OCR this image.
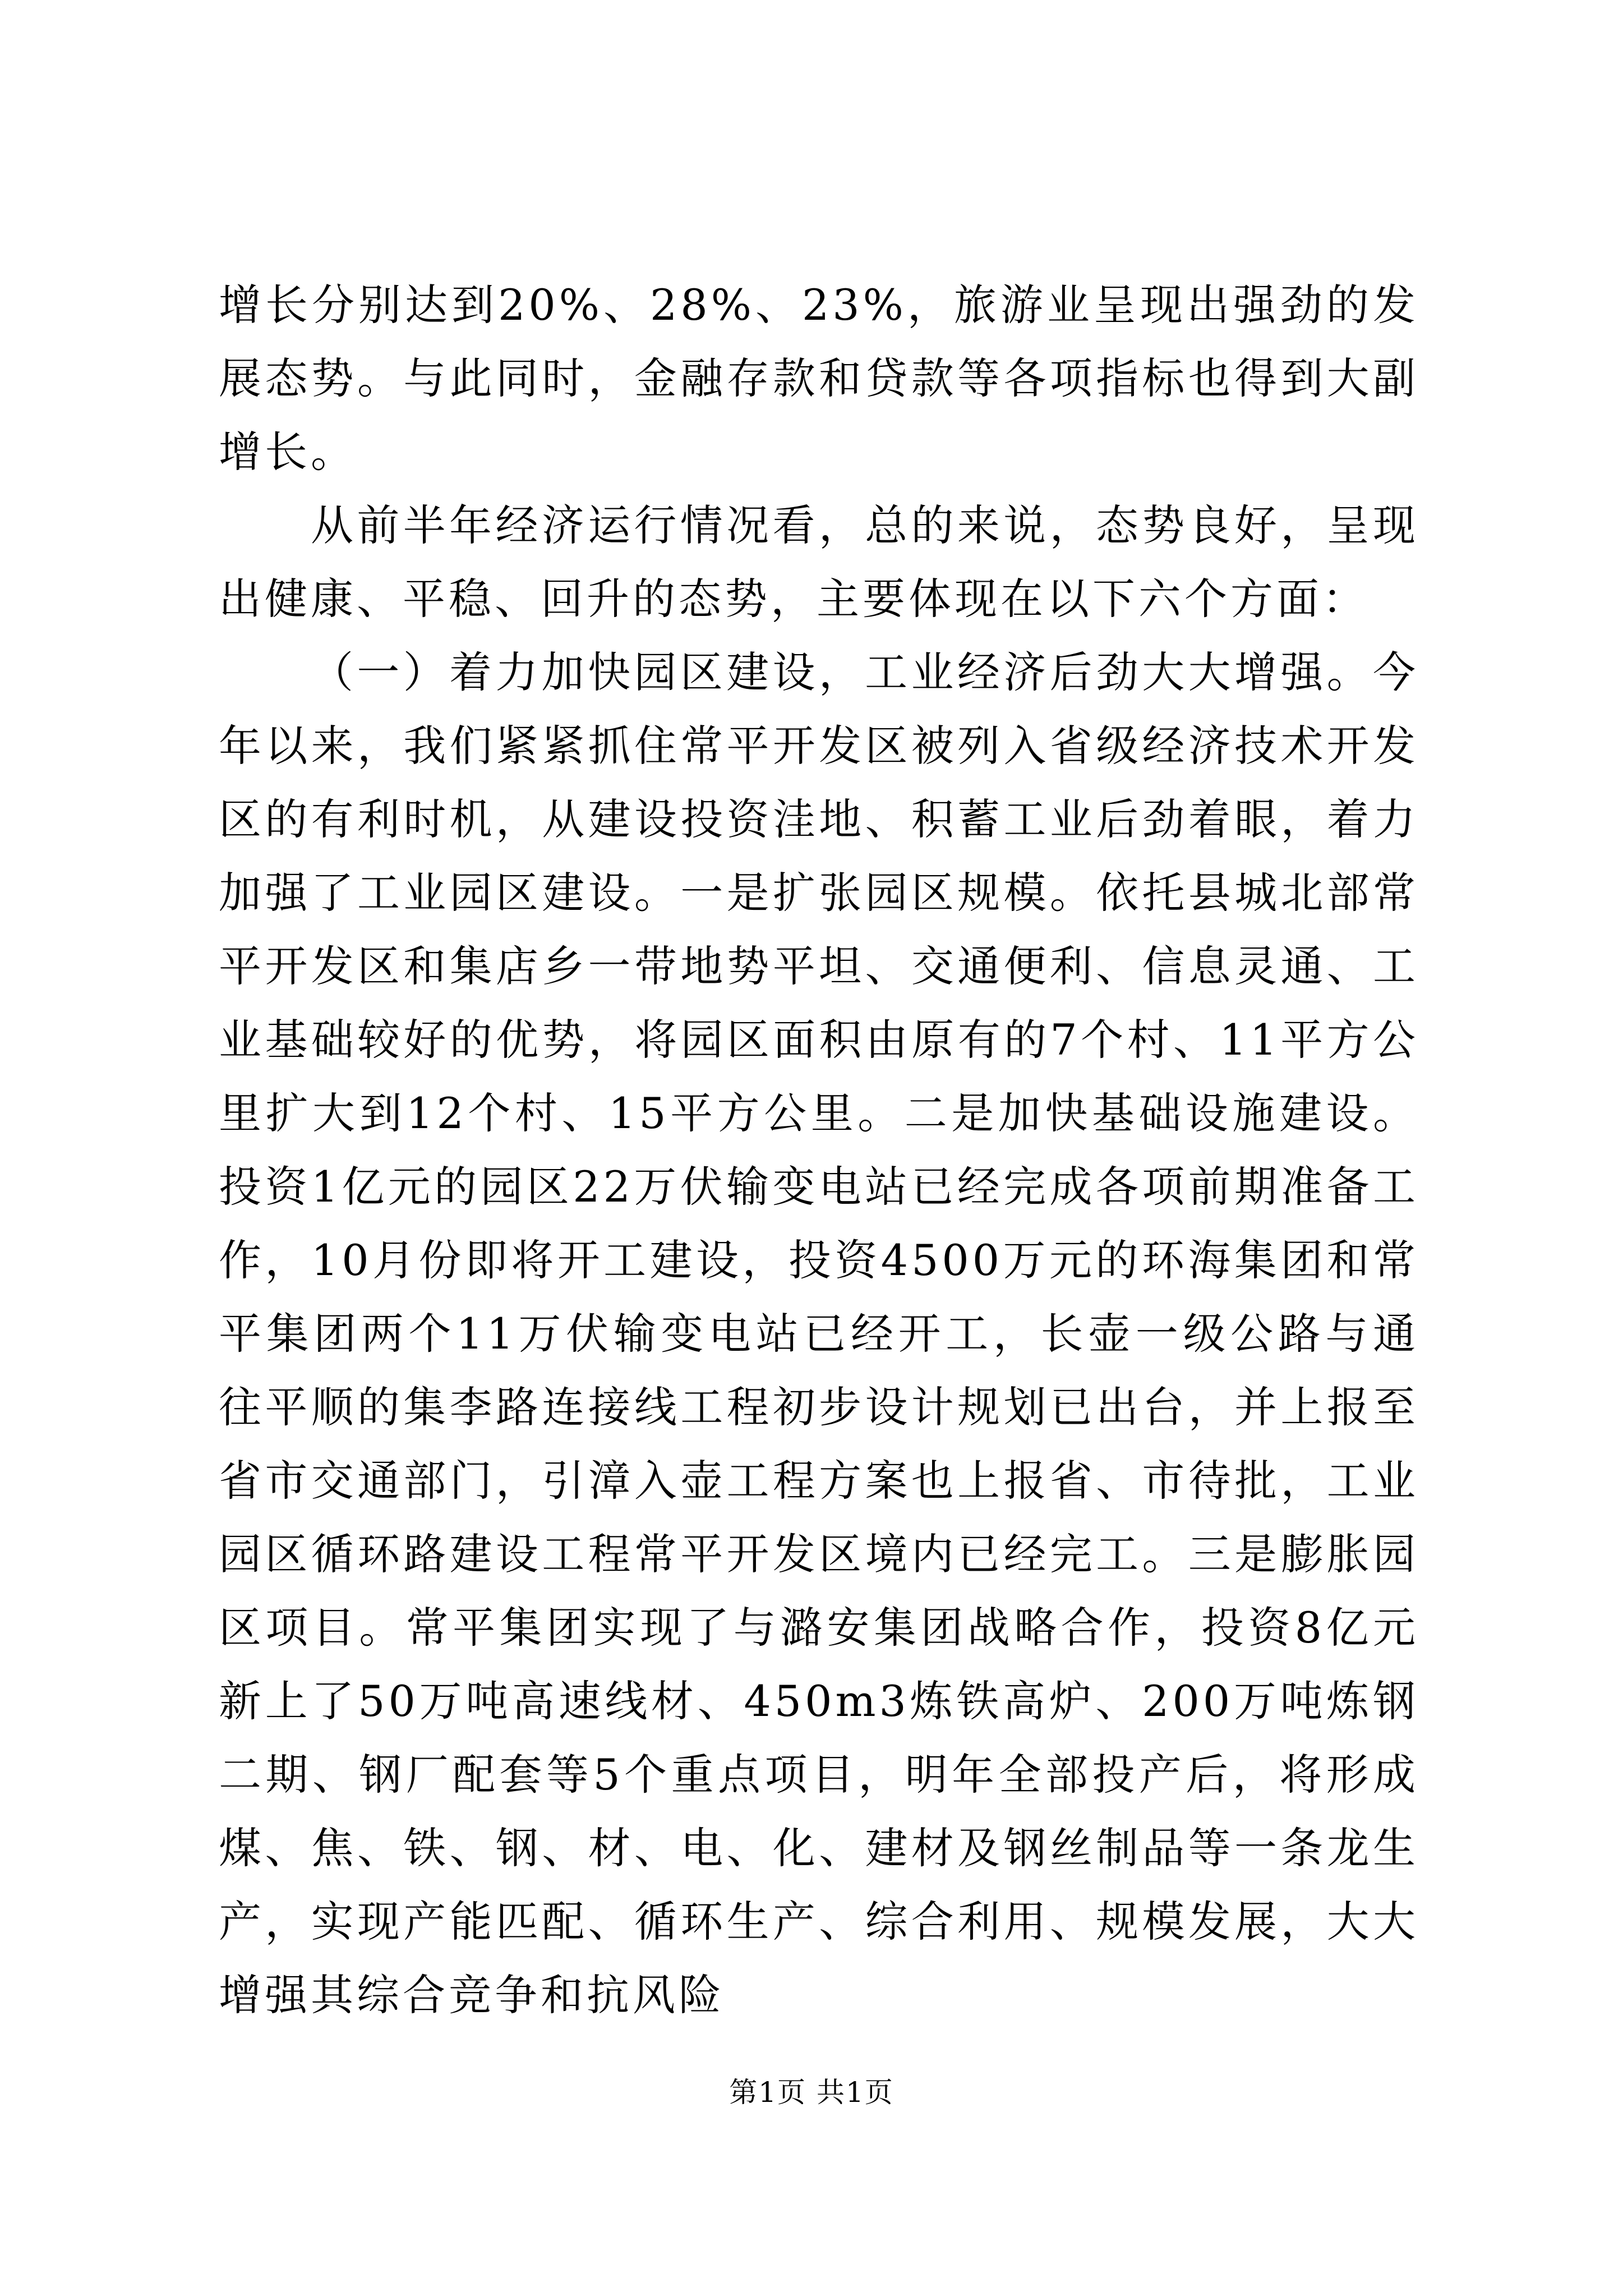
增长分别达到20%、28%、23%，旅游业呈现出强劲的发展态势。与此同时，金融存款和贷款等各项指标也得到大副增长。

从前半年经济运行情况看，总的来说，态势良好，呈现出健康、平稳、回升的态势，主要体现在以下六个方面：

（一）着力加快园区建设，工业经济后劲大大增强。今年以来，我们紧紧抓住常平开发区被列入省级经济技术开发区的有利时机，从建设投资洼地、积蓄工业后劲着眼，着力加强了工业园区建设。一是扩张园区规模。依托县城北部常平开发区和集店乡一带地势平坦、交通便利、信息灵通、工业基础较好的优势，将园区面积由原有的7个村、11平方公里扩大到12个村、15平方公里。二是加快基础设施建设。投资1亿元的园区22万伏输变电站已经完成各项前期准备工作，10月份即将开工建设，投资4500万元的环海集团和常平集团两个11万伏输变电站已经开工，长壶一级公路与通往平顺的集李路连接线工程初步设计规划已出台，并上报至省市交通部门，引漳入壶工程方案也上报省、市待批，工业园区循环路建设工程常平开发区境内已经完工。三是膨胀园区项目。常平集团实现了与潞安集团战略合作，投资8亿元新上了50万吨高速线材、450m3炼铁高炉、200万吨炼钢二期、钢厂配套等5个重点项目，明年全部投产后，将形成煤、焦、铁、钢、材、电、化、建材及钢丝制品等一条龙生产，实现产能匹配、循环生产、综合利用、规模发展，大大增强其综合竞争和抗风险

第1页 共1页
